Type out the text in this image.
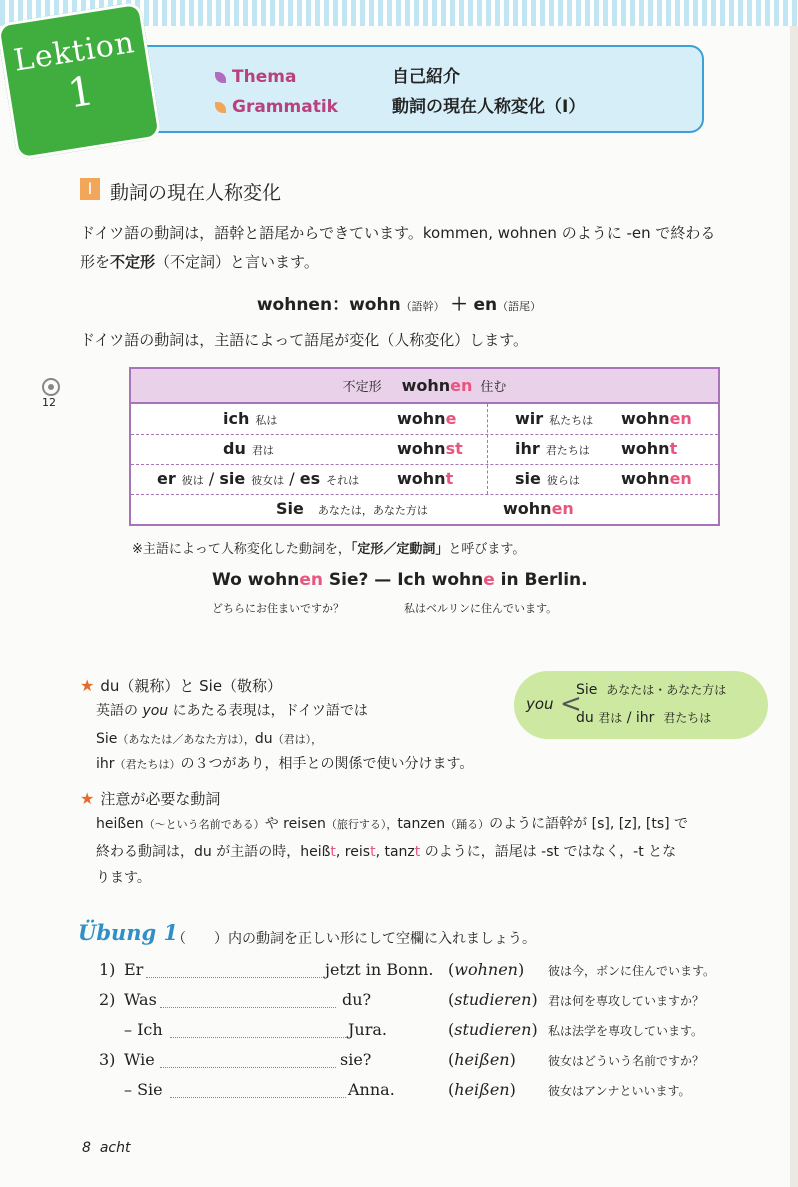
Thema	自己紹介
Grammatik	動詞の現在人称変化（Ⅰ）
Lektion
1
Ⅰ 動詞の現在人称変化
ドイツ語の動詞は，語幹と語尾からできています。kommen, wohnen のように -en で終わる
形を不定形（不定詞）と言います。
wohnen：wohn（語幹） ＋ en（語尾）
ドイツ語の動詞は，主語によって語尾が変化（人称変化）します。
12
不定形 wohnen 住む
ich 私は	wohne	wir 私たちは wohnen
du 君は	wohnst	ihr 君たちは wohnt
er 彼は / sie 彼女は / es それは wohnt	sie 彼らは	wohnen
Sie あなたは，あなた方は	wohnen
※主語によって人称変化した動詞を，「定形／定動詞」と呼びます。
Wo wohnen Sie? — Ich wohne in Berlin.
どちらにお住まいですか？	私はベルリンに住んでいます。
★ du（親称）と Sie（敬称）
英語の you にあたる表現は，ドイツ語では
Sie（あなたは／あなた方は），du（君は），
ihr（君たちは）の３つがあり，相手との関係で使い分けます。
you <
Sie あなたは・あなた方は
du 君は / ihr 君たちは
★ 注意が必要な動詞
heißen（～という名前である）や reisen（旅行する），tanzen（踊る）のように語幹が [s], [z], [ts] で
終わる動詞は，du が主語の時，heißt, reist, tanzt のように，語尾は -st ではなく，-t とな
ります。
Übung 1
（　　）内の動詞を正しい形にして空欄に入れましょう。
1) Er	jetzt in Bonn. (wohnen) 彼は今，ボンに住んでいます。
2) Was	du?	(studieren) 君は何を専攻していますか？
– Ich	Jura.	(studieren) 私は法学を専攻しています。
3) Wie	sie?	(heißen)	彼女はどういう名前ですか？
– Sie	Anna.	(heißen)	彼女はアンナといいます。
8 acht
